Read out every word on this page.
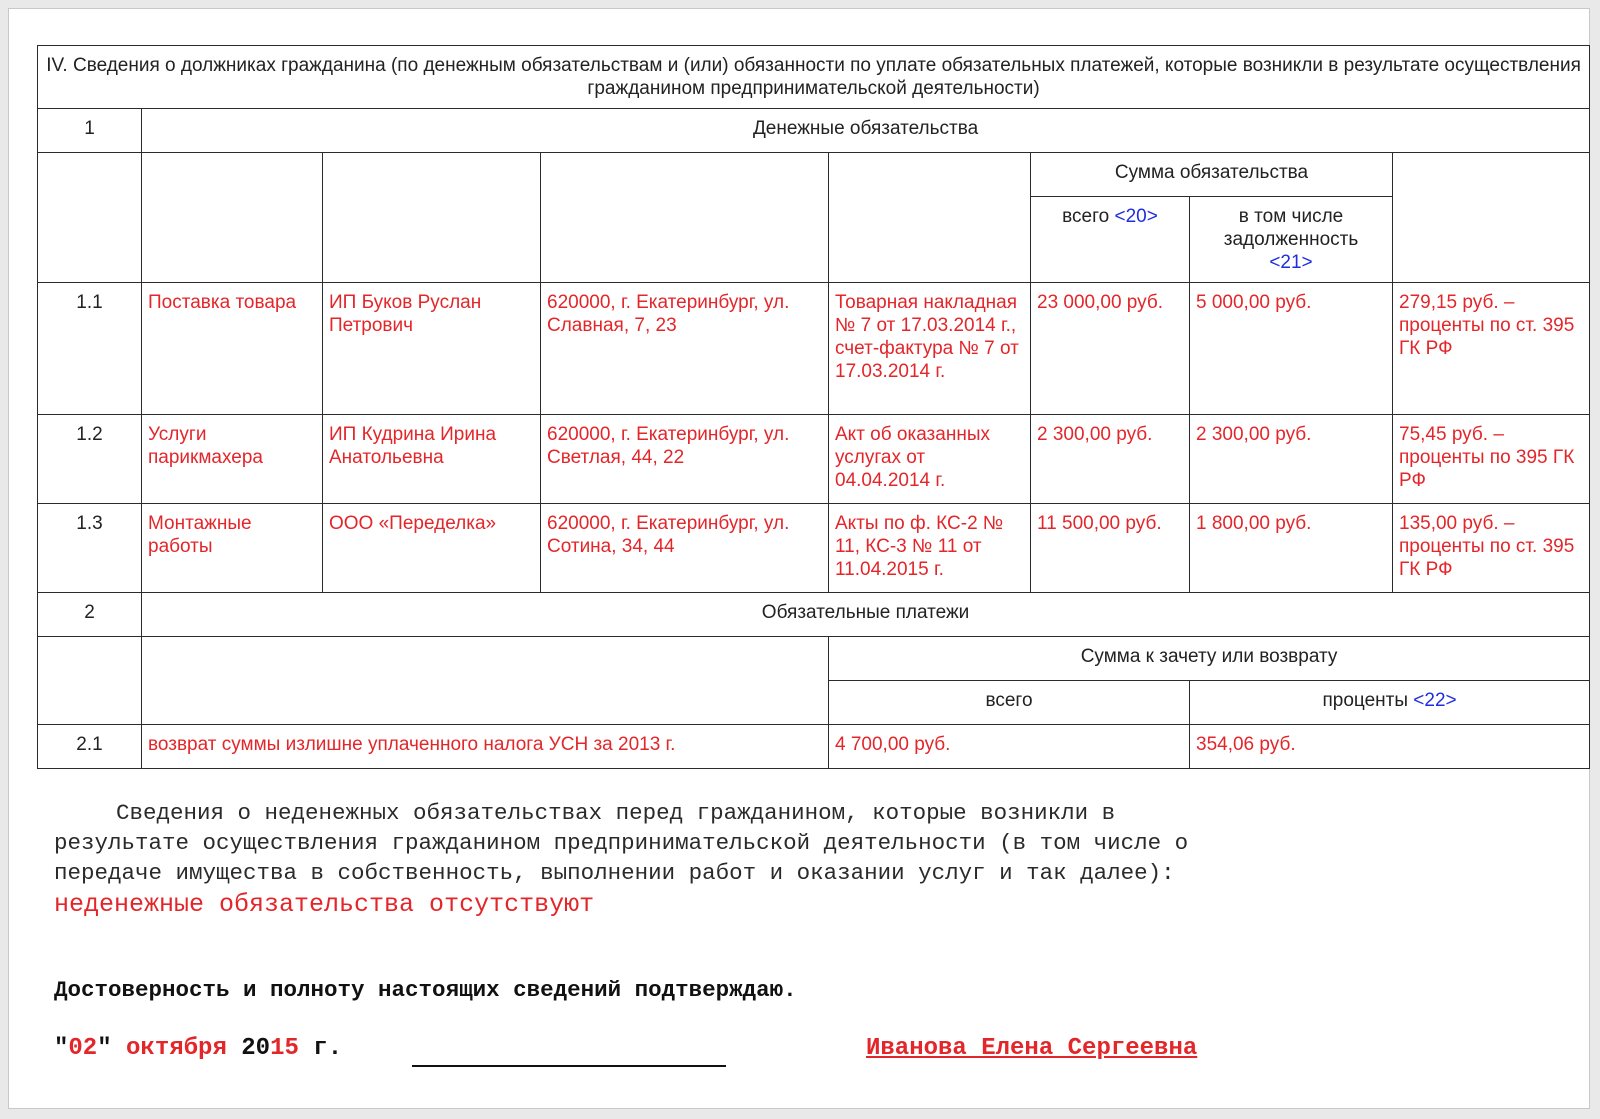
IV. Сведения о должниках гражданина (по денежным обязательствам и (или) обязанности по уплате обязательных платежей, которые возникли в результате осуществления гражданином предпринимательской деятельности)							
1	Денежные обязательства						
					Сумма обязательства		
					всего <20>	в том числе задолженность
<21>	
1.1	Поставка товара	ИП Буков Руслан Петрович	620000, г. Екатеринбург, ул. Славная, 7, 23	Товарная накладная № 7 от 17.03.2014 г., счет-фактура № 7 от 17.03.2014 г.	23 000,00 руб.	5 000,00 руб.	279,15 руб. – проценты по ст. 395 ГК РФ
1.2	Услуги парикмахера	ИП Кудрина Ирина Анатольевна	620000, г. Екатеринбург, ул. Светлая, 44, 22	Акт об оказанных услугах от 04.04.2014 г.	2 300,00 руб.	2 300,00 руб.	75,45 руб. – проценты по 395 ГК РФ
1.3	Монтажные работы	ООО «Переделка»	620000, г. Екатеринбург, ул. Сотина, 34, 44	Акты по ф. КС-2 № 11, КС-3 № 11 от 11.04.2015 г.	11 500,00 руб.	1 800,00 руб.	135,00 руб. – проценты по ст. 395 ГК РФ
2	Обязательные платежи						
				Сумма к зачету или возврату			
				всего		проценты <22>	
2.1	возврат суммы излишне уплаченного налога УСН за 2013 г.			4 700,00 руб.		354,06 руб.	

Сведения о неденежных обязательствах перед гражданином, которые возникли в результате осуществления гражданином предпринимательской деятельности (в том числе о передаче имущества в собственность, выполнении работ и оказании услуг и так далее):

неденежные обязательства отсутствуют

Достоверность и полноту настоящих сведений подтверждаю.
"02" октября 2015 г.	Иванова Елена Сергеевна
